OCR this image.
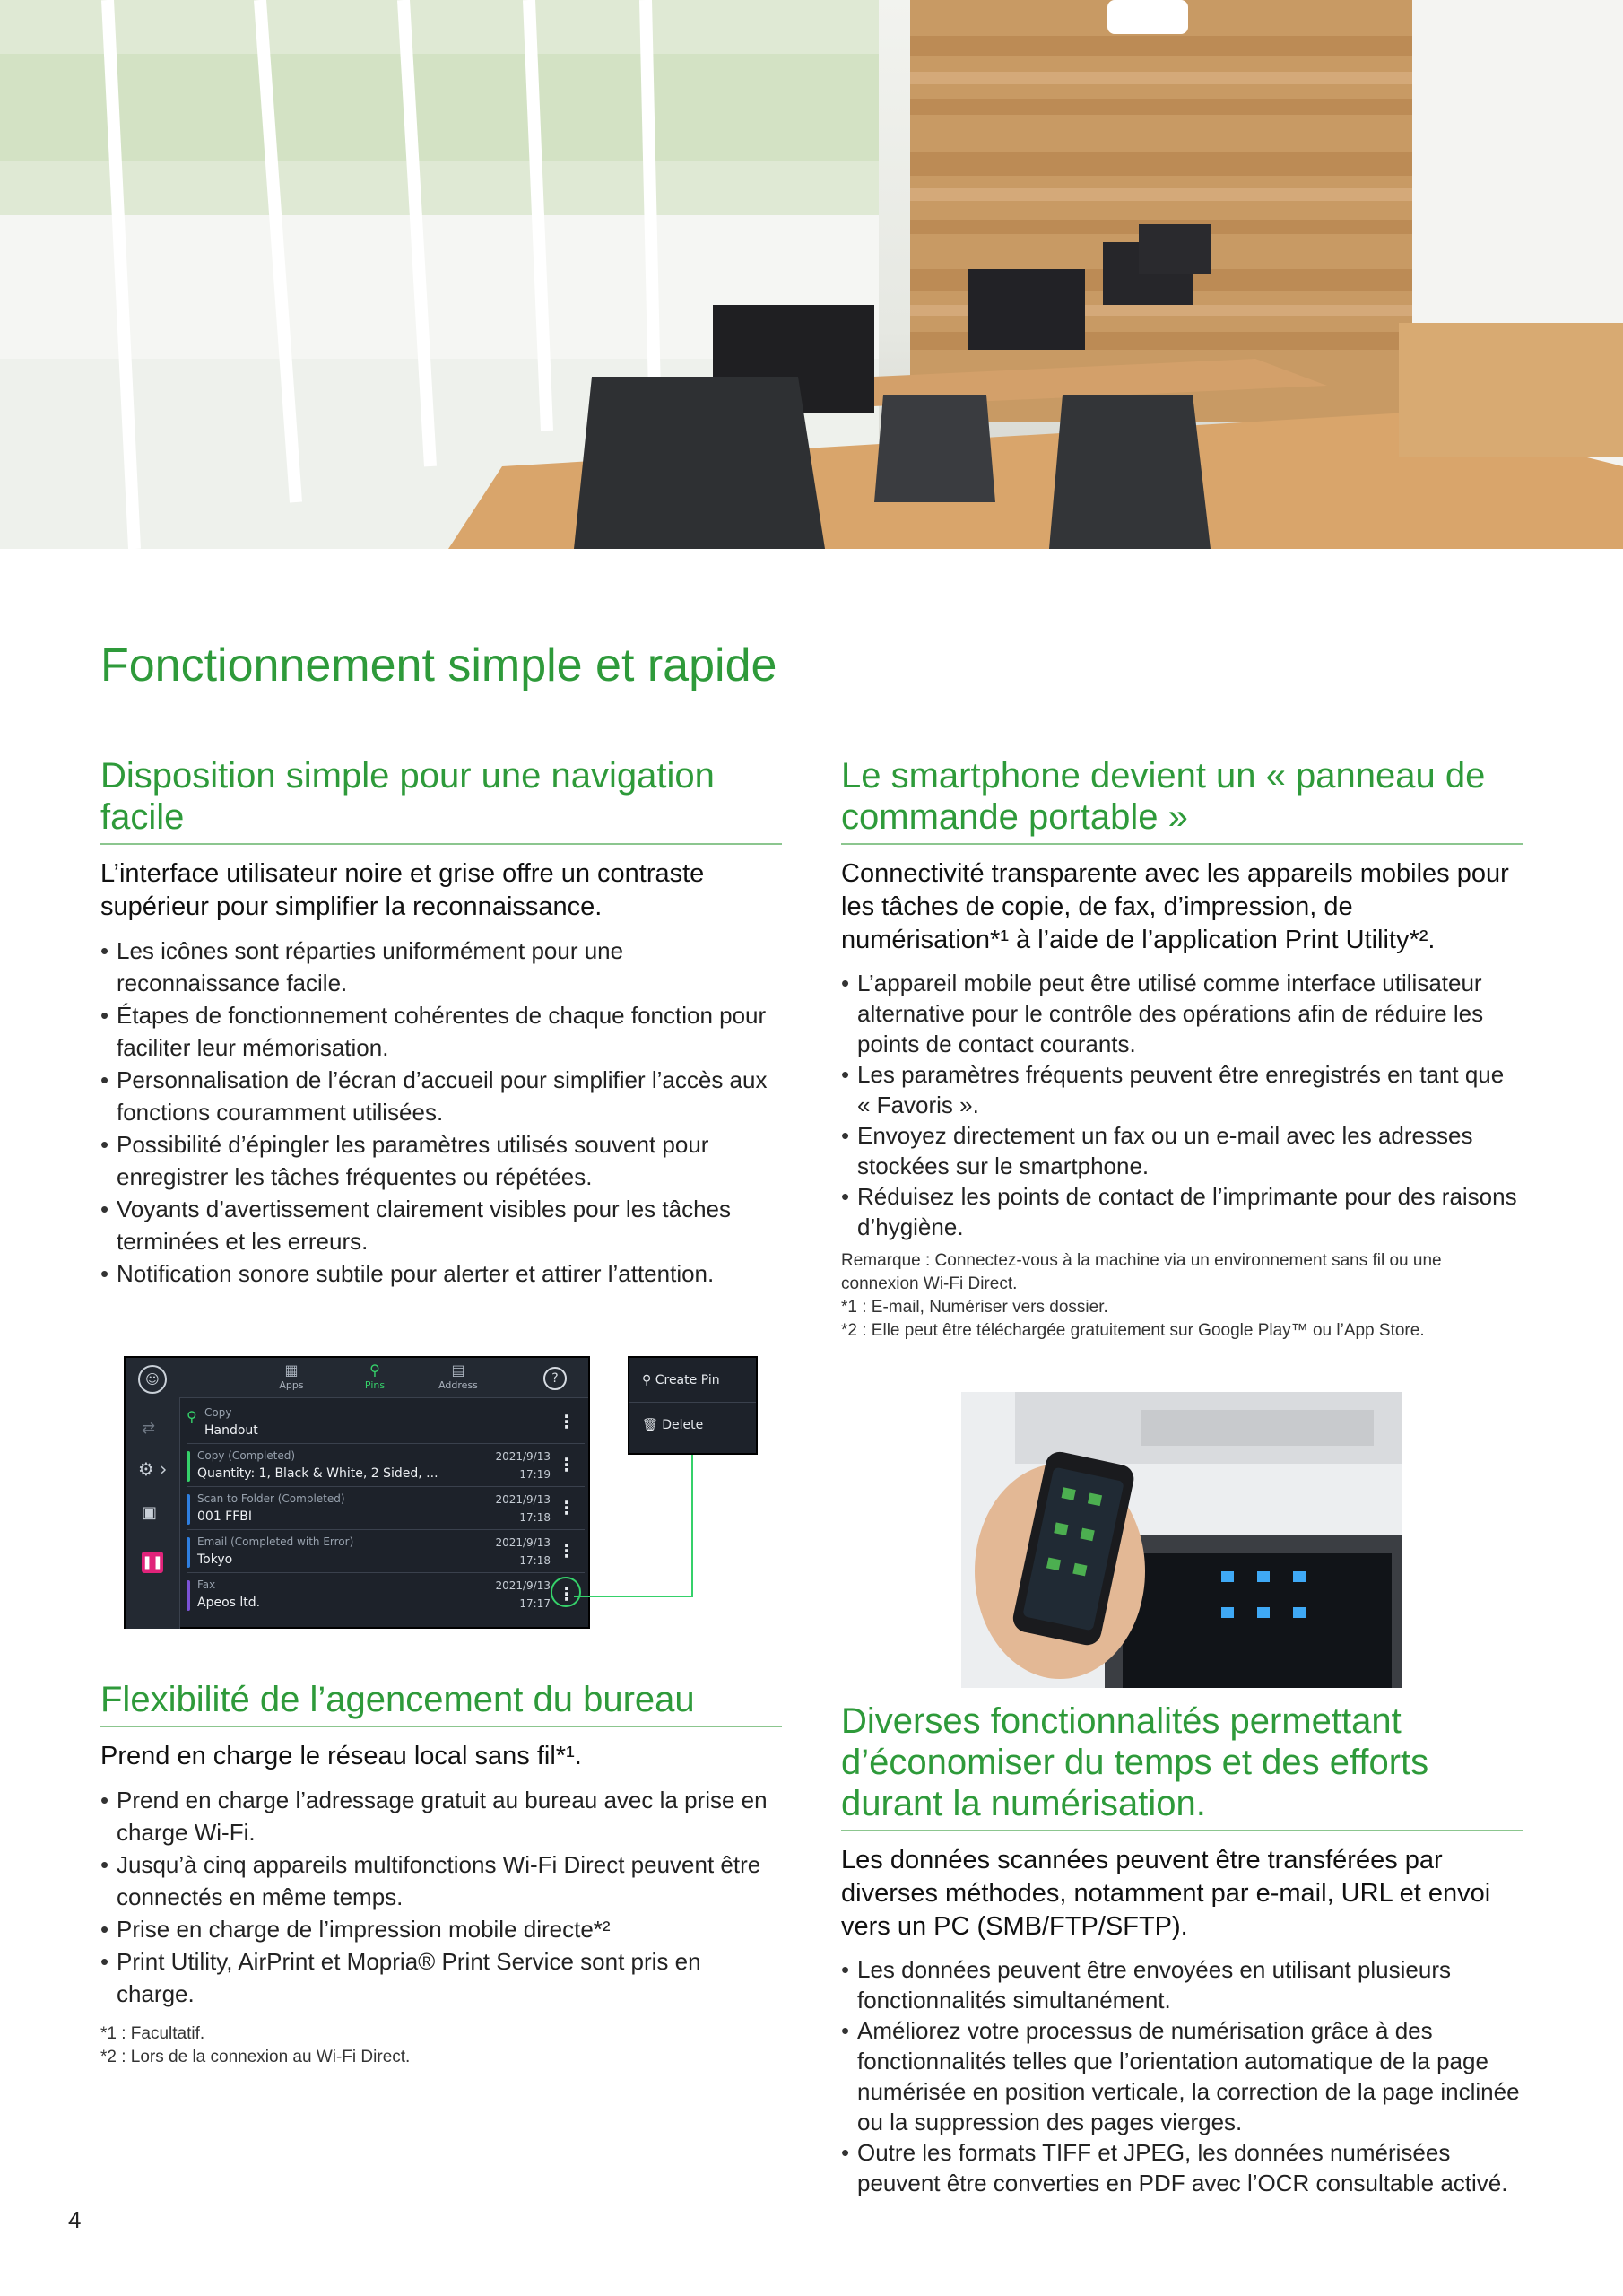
Fonctionnement simple et rapide
Disposition simple pour une navigation facile
L’interface utilisateur noire et grise offre un contraste supérieur pour simplifier la reconnaissance.
• Les icônes sont réparties uniformément pour une reconnaissance facile.
• Étapes de fonctionnement cohérentes de chaque fonction pour faciliter leur mémorisation.
• Personnalisation de l’écran d’accueil pour simplifier l’accès aux fonctions couramment utilisées.
• Possibilité d’épingler les paramètres utilisés souvent pour enregistrer les tâches fréquentes ou répétées.
• Voyants d’avertissement clairement visibles pour les tâches terminées et les erreurs.
• Notification sonore subtile pour alerter et attirer l’attention.
Le smartphone devient un « panneau de commande portable »
Connectivité transparente avec les appareils mobiles pour les tâches de copie, de fax, d’impression, de numérisation*¹ à l’aide de l’application Print Utility*².
• L’appareil mobile peut être utilisé comme interface utilisateur alternative pour le contrôle des opérations afin de réduire les points de contact courants.
• Les paramètres fréquents peuvent être enregistrés en tant que « Favoris ».
• Envoyez directement un fax ou un e-mail avec les adresses stockées sur le smartphone.
• Réduisez les points de contact de l’imprimante pour des raisons d’hygiène.
Remarque : Connectez-vous à la machine via un environnement sans fil ou une connexion Wi-Fi Direct.
*1 : E-mail, Numériser vers dossier.
*2 : Elle peut être téléchargée gratuitement sur Google Play™ ou l’App Store.
▦
Apps
⚲
Pins
▤
Address	?
☺
⇄
⚙ ›
▣
❚❚
⚲ Copy
Handout	⋮
Copy (Completed)
Quantity: 1, Black & White, 2 Sided, ...
2021/9/13
17:19 ⋮
Scan to Folder (Completed)
001 FFBI
2021/9/13
17:18 ⋮
Email (Completed with Error)
Tokyo
2021/9/13
17:18 ⋮
Fax
Apeos ltd.
2021/9/13
17:17 ⋮
⚲ Create Pin
🗑 Delete
Flexibilité de l’agencement du bureau
Prend en charge le réseau local sans fil*¹.
• Prend en charge l’adressage gratuit au bureau avec la prise en charge Wi-Fi.
• Jusqu’à cinq appareils multifonctions Wi-Fi Direct peuvent être connectés en même temps.
• Prise en charge de l’impression mobile directe*²
• Print Utility, AirPrint et Mopria® Print Service sont pris en charge.
*1 : Facultatif.
*2 : Lors de la connexion au Wi-Fi Direct.
Diverses fonctionnalités permettant d’économiser du temps et des efforts durant la numérisation.
Les données scannées peuvent être transférées par diverses méthodes, notamment par e-mail, URL et envoi vers un PC (SMB/FTP/SFTP).
• Les données peuvent être envoyées en utilisant plusieurs fonctionnalités simultanément.
• Améliorez votre processus de numérisation grâce à des fonctionnalités telles que l’orientation automatique de la page numérisée en position verticale, la correction de la page inclinée ou la suppression des pages vierges.
• Outre les formats TIFF et JPEG, les données numérisées peuvent être converties en PDF avec l’OCR consultable activé.
4
